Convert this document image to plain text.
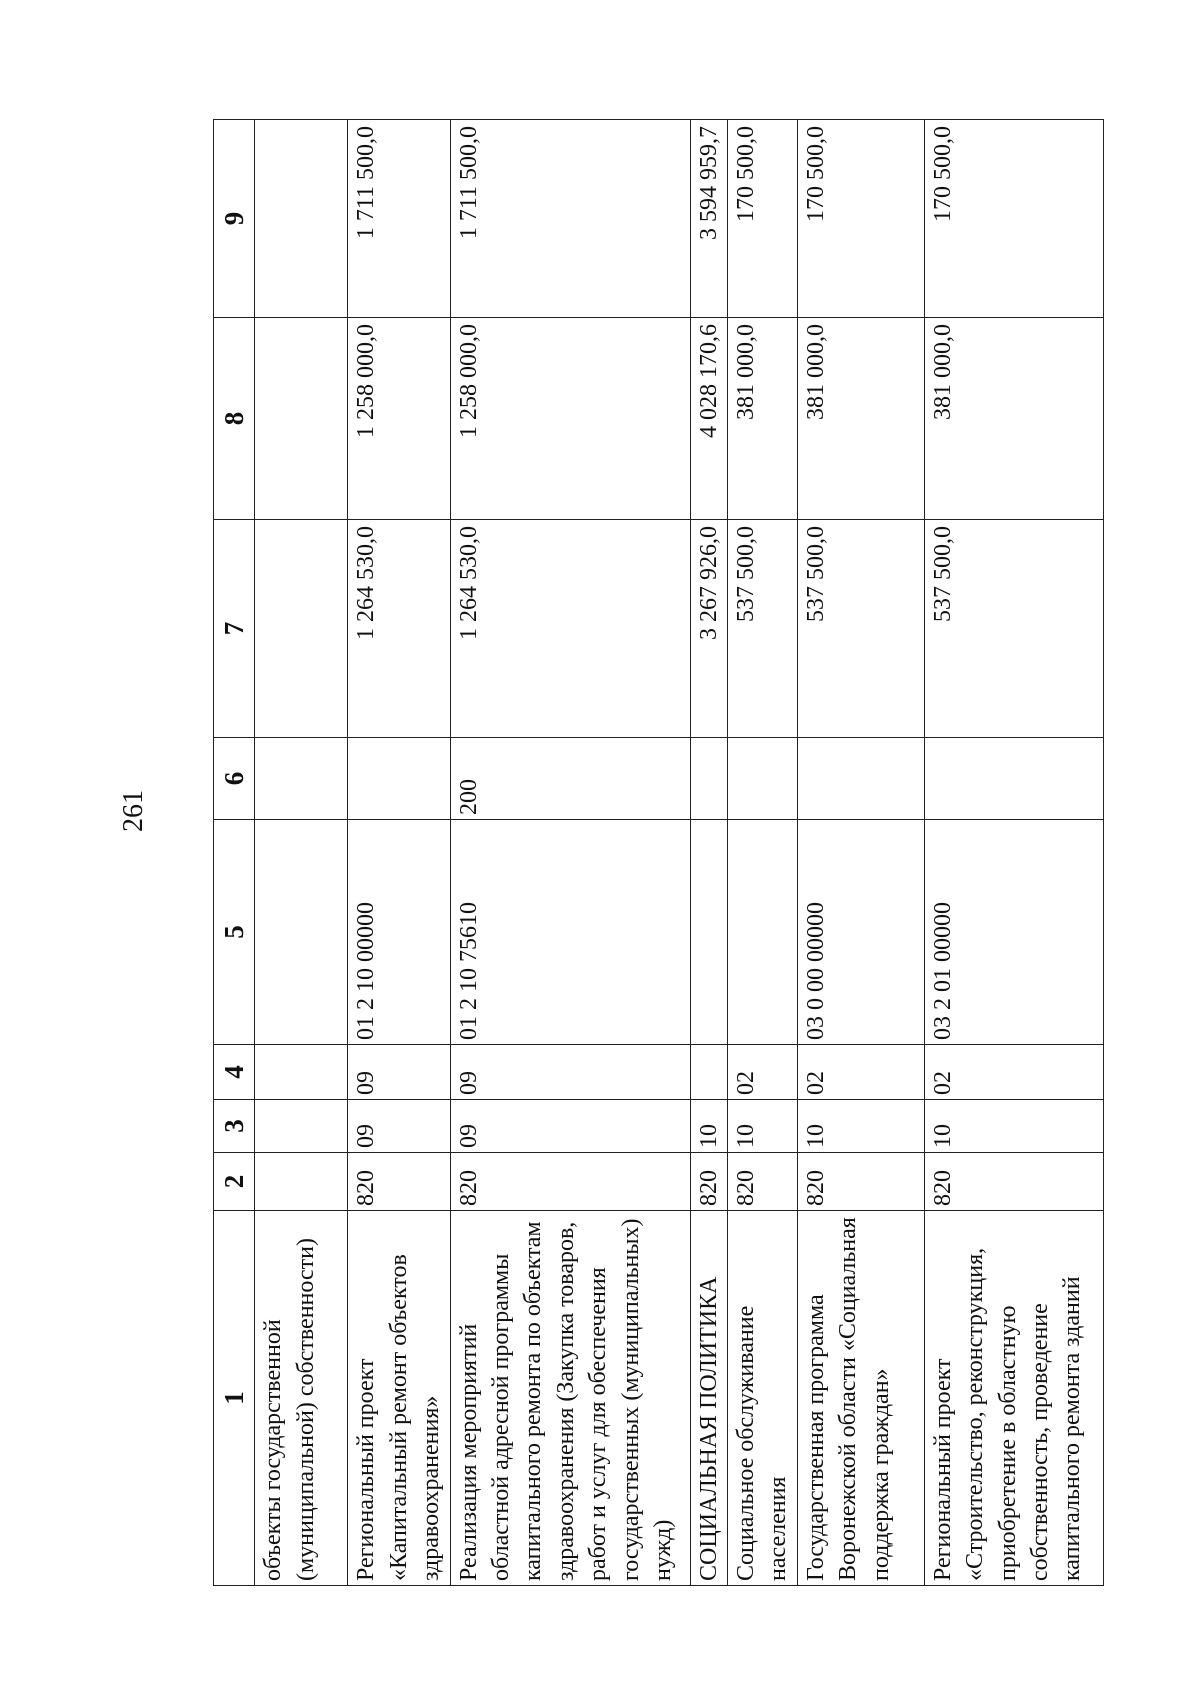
261
1	2	3	4	5	6	7	8	9
объекты государственной (муниципальной) собственности)								
Региональный проект «Капитальный ремонт объектов здравоохранения»	820	09	09	01 2 10 00000		1 264 530,0	1 258 000,0	1 711 500,0
Реализация мероприятий областной адресной программы капитального ремонта по объектам здравоохранения (Закупка товаров, работ и услуг для обеспечения государственных (муниципальных) нужд)	820	09	09	01 2 10 75610	200	1 264 530,0	1 258 000,0	1 711 500,0
СОЦИАЛЬНАЯ ПОЛИТИКА	820	10				3 267 926,0	4 028 170,6	3 594 959,7
Социальное обслуживание населения	820	10	02			537 500,0	381 000,0	170 500,0
Государственная программа Воронежской области «Социальная поддержка граждан»	820	10	02	03 0 00 00000		537 500,0	381 000,0	170 500,0
Региональный проект «Строительство, реконструкция, приобретение в областную собственность, проведение капитального ремонта зданий	820	10	02	03 2 01 00000		537 500,0	381 000,0	170 500,0
